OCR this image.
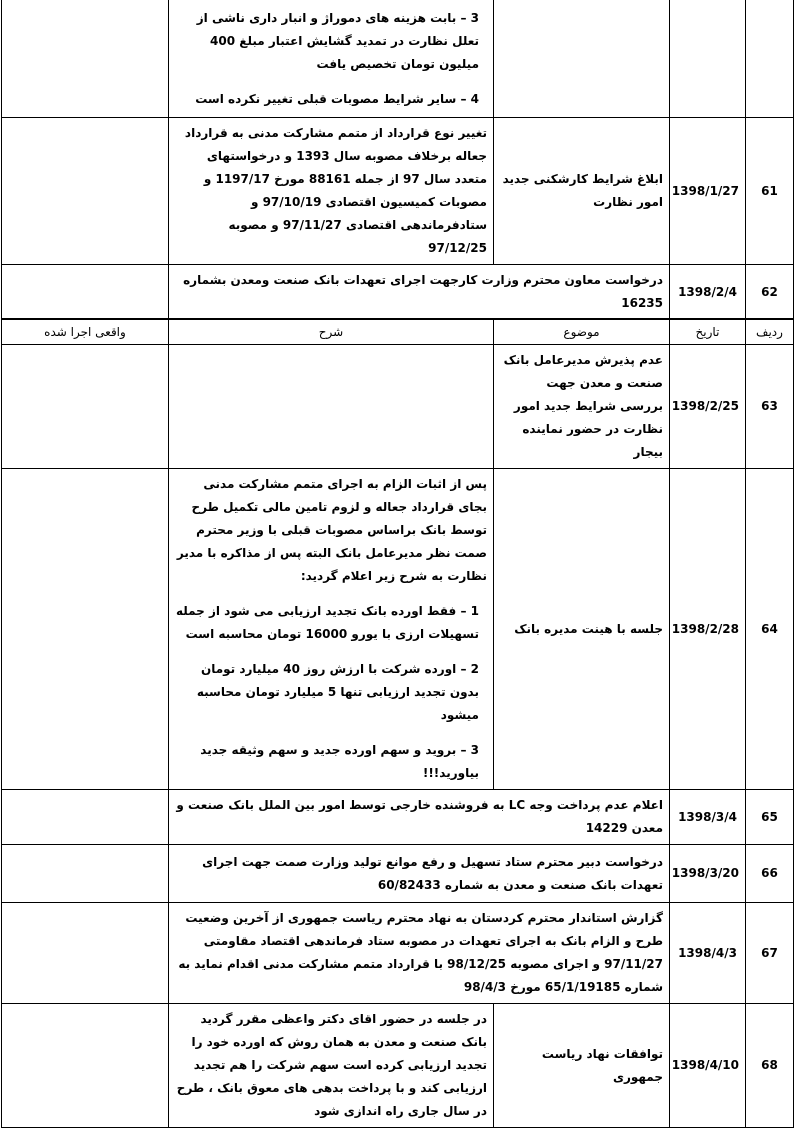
			3 – بابت هزینه های دموراژ و انبار داری ناشی از تعلل نظارت در تمدید گشایش اعتبار مبلغ 400 میلیون تومان تخصیص یافت
4 – سایر شرایط مصوبات قبلی تغییر نکرده است	

61	1398/1/27	ابلاغ شرایط کارشکنی جدید امور نظارت	تغییر نوع قرارداد از متمم مشارکت مدنی به قرارداد جعاله برخلاف مصوبه سال 1393 و درخواستهای متعدد سال 97 از جمله 88161 مورخ 1197/17 و مصوبات کمیسیون اقتصادی 97/10/19 و ستادفرماندهی اقتصادی 97/11/27 و مصوبه 97/12/25	
62	1398/2/4	درخواست معاون محترم وزارت کارجهت اجرای تعهدات بانک صنعت ومعدن بشماره 16235		
ردیف	تاریخ	موضوع	شرح	واقعی اجرا شده
63	1398/2/25	عدم پذیرش مدیرعامل بانک صنعت و معدن جهت بررسی شرایط جدید امور نظارت در حضور نماینده بیجار		
64	1398/2/28	جلسه با هینت مدیره بانک	پس از اثبات الزام به اجرای متمم مشارکت مدنی بجای قرارداد جعاله و لزوم تامین مالی تکمیل طرح توسط بانک براساس مصوبات قبلی با وزیر محترم صمت نظر مدیرعامل بانک البته پس از مذاکره با مدیر نظارت به شرح زیر اعلام گردید:
1 – فقط اورده بانک تجدید ارزیابی می شود از جمله تسهیلات ارزی با یورو 16000 تومان محاسبه است
2 – اورده شرکت با ارزش روز 40 میلیارد تومان بدون تجدید ارزیابی تنها 5 میلیارد تومان محاسبه میشود
3 – بروید و سهم اورده جدید و سهم وثیقه جدید بیاورید!!!	

65	1398/3/4	اعلام عدم پرداخت وجه LC به فروشنده خارجی توسط امور بین الملل بانک صنعت و معدن 14229		
66	1398/3/20	درخواست دبیر محترم ستاد تسهیل و رفع موانع تولید وزارت صمت جهت اجرای تعهدات بانک صنعت و معدن به شماره 60/82433		
67	1398/4/3	گزارش استاندار محترم کردستان به نهاد محترم ریاست جمهوری از آخرین وضعیت طرح و الزام بانک به اجرای تعهدات در مصوبه ستاد فرماندهی اقتصاد مقاومتی 97/11/27 و اجرای مصوبه 98/12/25 با قرارداد متمم مشارکت مدنی اقدام نماید به شماره 65/1/19185 مورخ 98/4/3		
68	1398/4/10	توافقات نهاد ریاست جمهوری	در جلسه در حضور اقای دکتر واعظی مقرر گردید بانک صنعت و معدن به همان روش که اورده خود را تجدید ارزیابی کرده است سهم شرکت را هم تجدید ارزیابی کند و با پرداخت بدهی های معوق بانک ، طرح در سال جاری راه اندازی شود	
